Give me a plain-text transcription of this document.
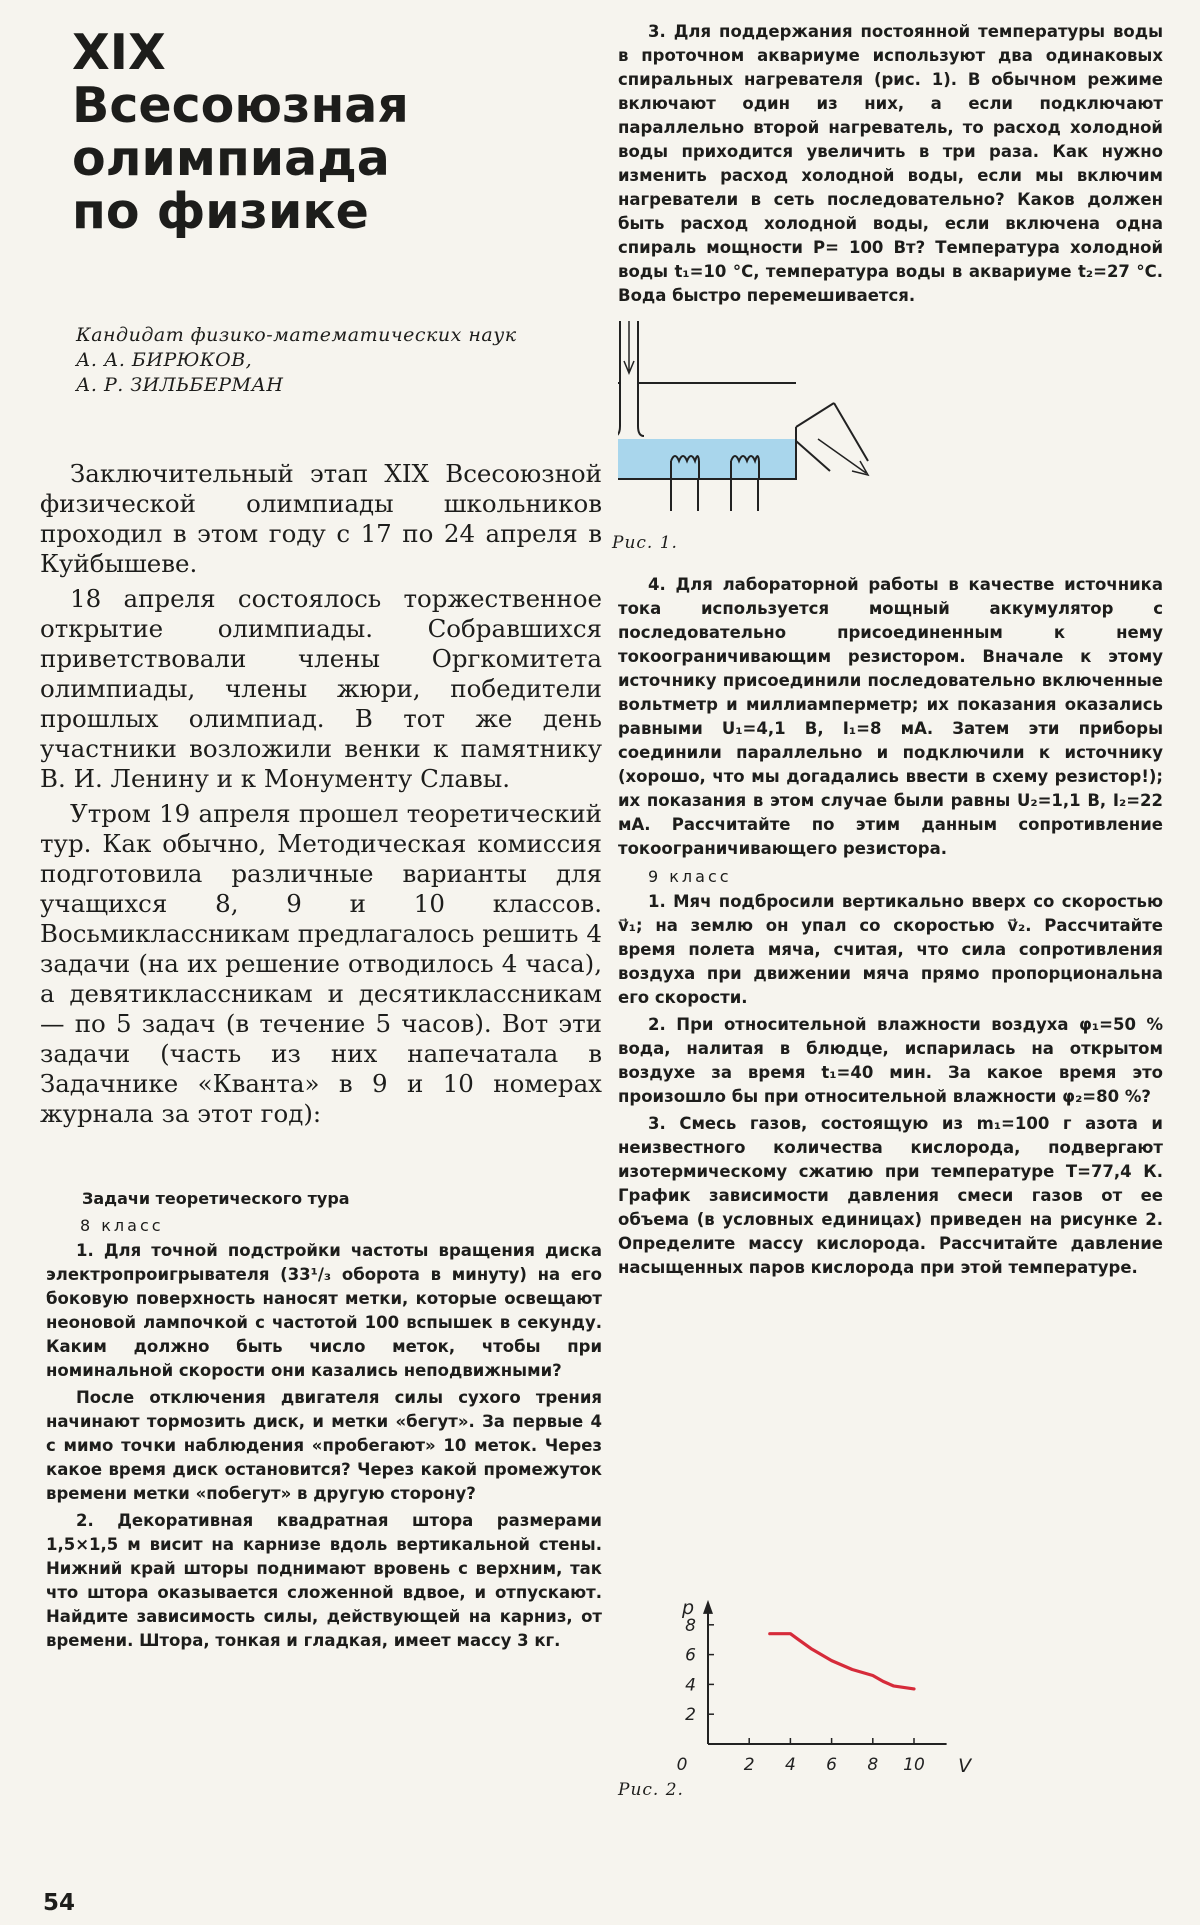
XIX
Всесоюзная
олимпиада
по физике
Кандидат физико-математических наук
А. А. БИРЮКОВ,
А. Р. ЗИЛЬБЕРМАН

Заключительный этап XIX Всесоюзной физической олимпиады школьников проходил в этом году с 17 по 24 апреля в Куйбышеве.

18 апреля состоялось торжественное открытие олимпиады. Собравшихся приветствовали члены Оргкомитета олимпиады, члены жюри, победители прошлых олимпиад. В тот же день участники возложили венки к памятнику В. И. Ленину и к Монументу Славы.

Утром 19 апреля прошел теоретический тур. Как обычно, Методическая комиссия подготовила различные варианты для учащихся 8, 9 и 10 классов. Восьмиклассникам предлагалось решить 4 задачи (на их решение отводилось 4 часа), а девятиклассникам и десятиклассникам — по 5 задач (в течение 5 часов). Вот эти задачи (часть из них напечатала в Задачнике «Кванта» в 9 и 10 номерах журнала за этот год):

Задачи теоретического тура
8 класс

1. Для точной подстройки частоты вращения диска электропроигрывателя (33¹/₃ оборота в минуту) на его боковую поверхность наносят метки, которые освещают неоновой лампочкой с частотой 100 вспышек в секунду. Каким должно быть число меток, чтобы при номинальной скорости они казались неподвижными?

После отключения двигателя силы сухого трения начинают тормозить диск, и метки «бегут». За первые 4 с мимо точки наблюдения «пробегают» 10 меток. Через какое время диск остановится? Через какой промежуток времени метки «побегут» в другую сторону?

2. Декоративная квадратная штора размерами 1,5×1,5 м висит на карнизе вдоль вертикальной стены. Нижний край шторы поднимают вровень с верхним, так что штора оказывается сложенной вдвое, и отпускают. Найдите зависимость силы, действующей на карниз, от времени. Штора, тонкая и гладкая, имеет массу 3 кг.

3. Для поддержания постоянной температуры воды в проточном аквариуме используют два одинаковых спиральных нагревателя (рис. 1). В обычном режиме включают один из них, а если подключают параллельно второй нагреватель, то расход холодной воды приходится увеличить в три раза. Как нужно изменить расход холодной воды, если мы включим нагреватели в сеть последовательно? Каков должен быть расход холодной воды, если включена одна спираль мощности P= 100 Вт? Температура холодной воды t₁=10 °С, температура воды в аквариуме t₂=27 °С. Вода быстро перемешивается.

Рис. 1.

4. Для лабораторной работы в качестве источника тока используется мощный аккумулятор с последовательно присоединенным к нему токоограничивающим резистором. Вначале к этому источнику присоединили последовательно включенные вольтметр и миллиамперметр; их показания оказались равными U₁=4,1 В, I₁=8 мА. Затем эти приборы соединили параллельно и подключили к источнику (хорошо, что мы догадались ввести в схему резистор!); их показания в этом случае были равны U₂=1,1 В, I₂=22 мА. Рассчитайте по этим данным сопротивление токоограничивающего резистора.

9 класс

1. Мяч подбросили вертикально вверх со скоростью v⃗₁; на землю он упал со скоростью v⃗₂. Рассчитайте время полета мяча, считая, что сила сопротивления воздуха при движении мяча прямо пропорциональна его скорости.

2. При относительной влажности воздуха φ₁=50 % вода, налитая в блюдце, испарилась на открытом воздухе за время t₁=40 мин. За какое время это произошло бы при относительной влажности φ₂=80 %?

3. Смесь газов, состоящую из m₁=100 г азота и неизвестного количества кислорода, подвергают изотермическому сжатию при температуре T=77,4 К. График зависимости давления смеси газов от ее объема (в условных единицах) приведен на рисунке 2. Определите массу кислорода. Рассчитайте давление насыщенных паров кислорода при этой температуре.

0	2 4 6 8 10
2
4
6
8
p
V
Рис. 2.
54
